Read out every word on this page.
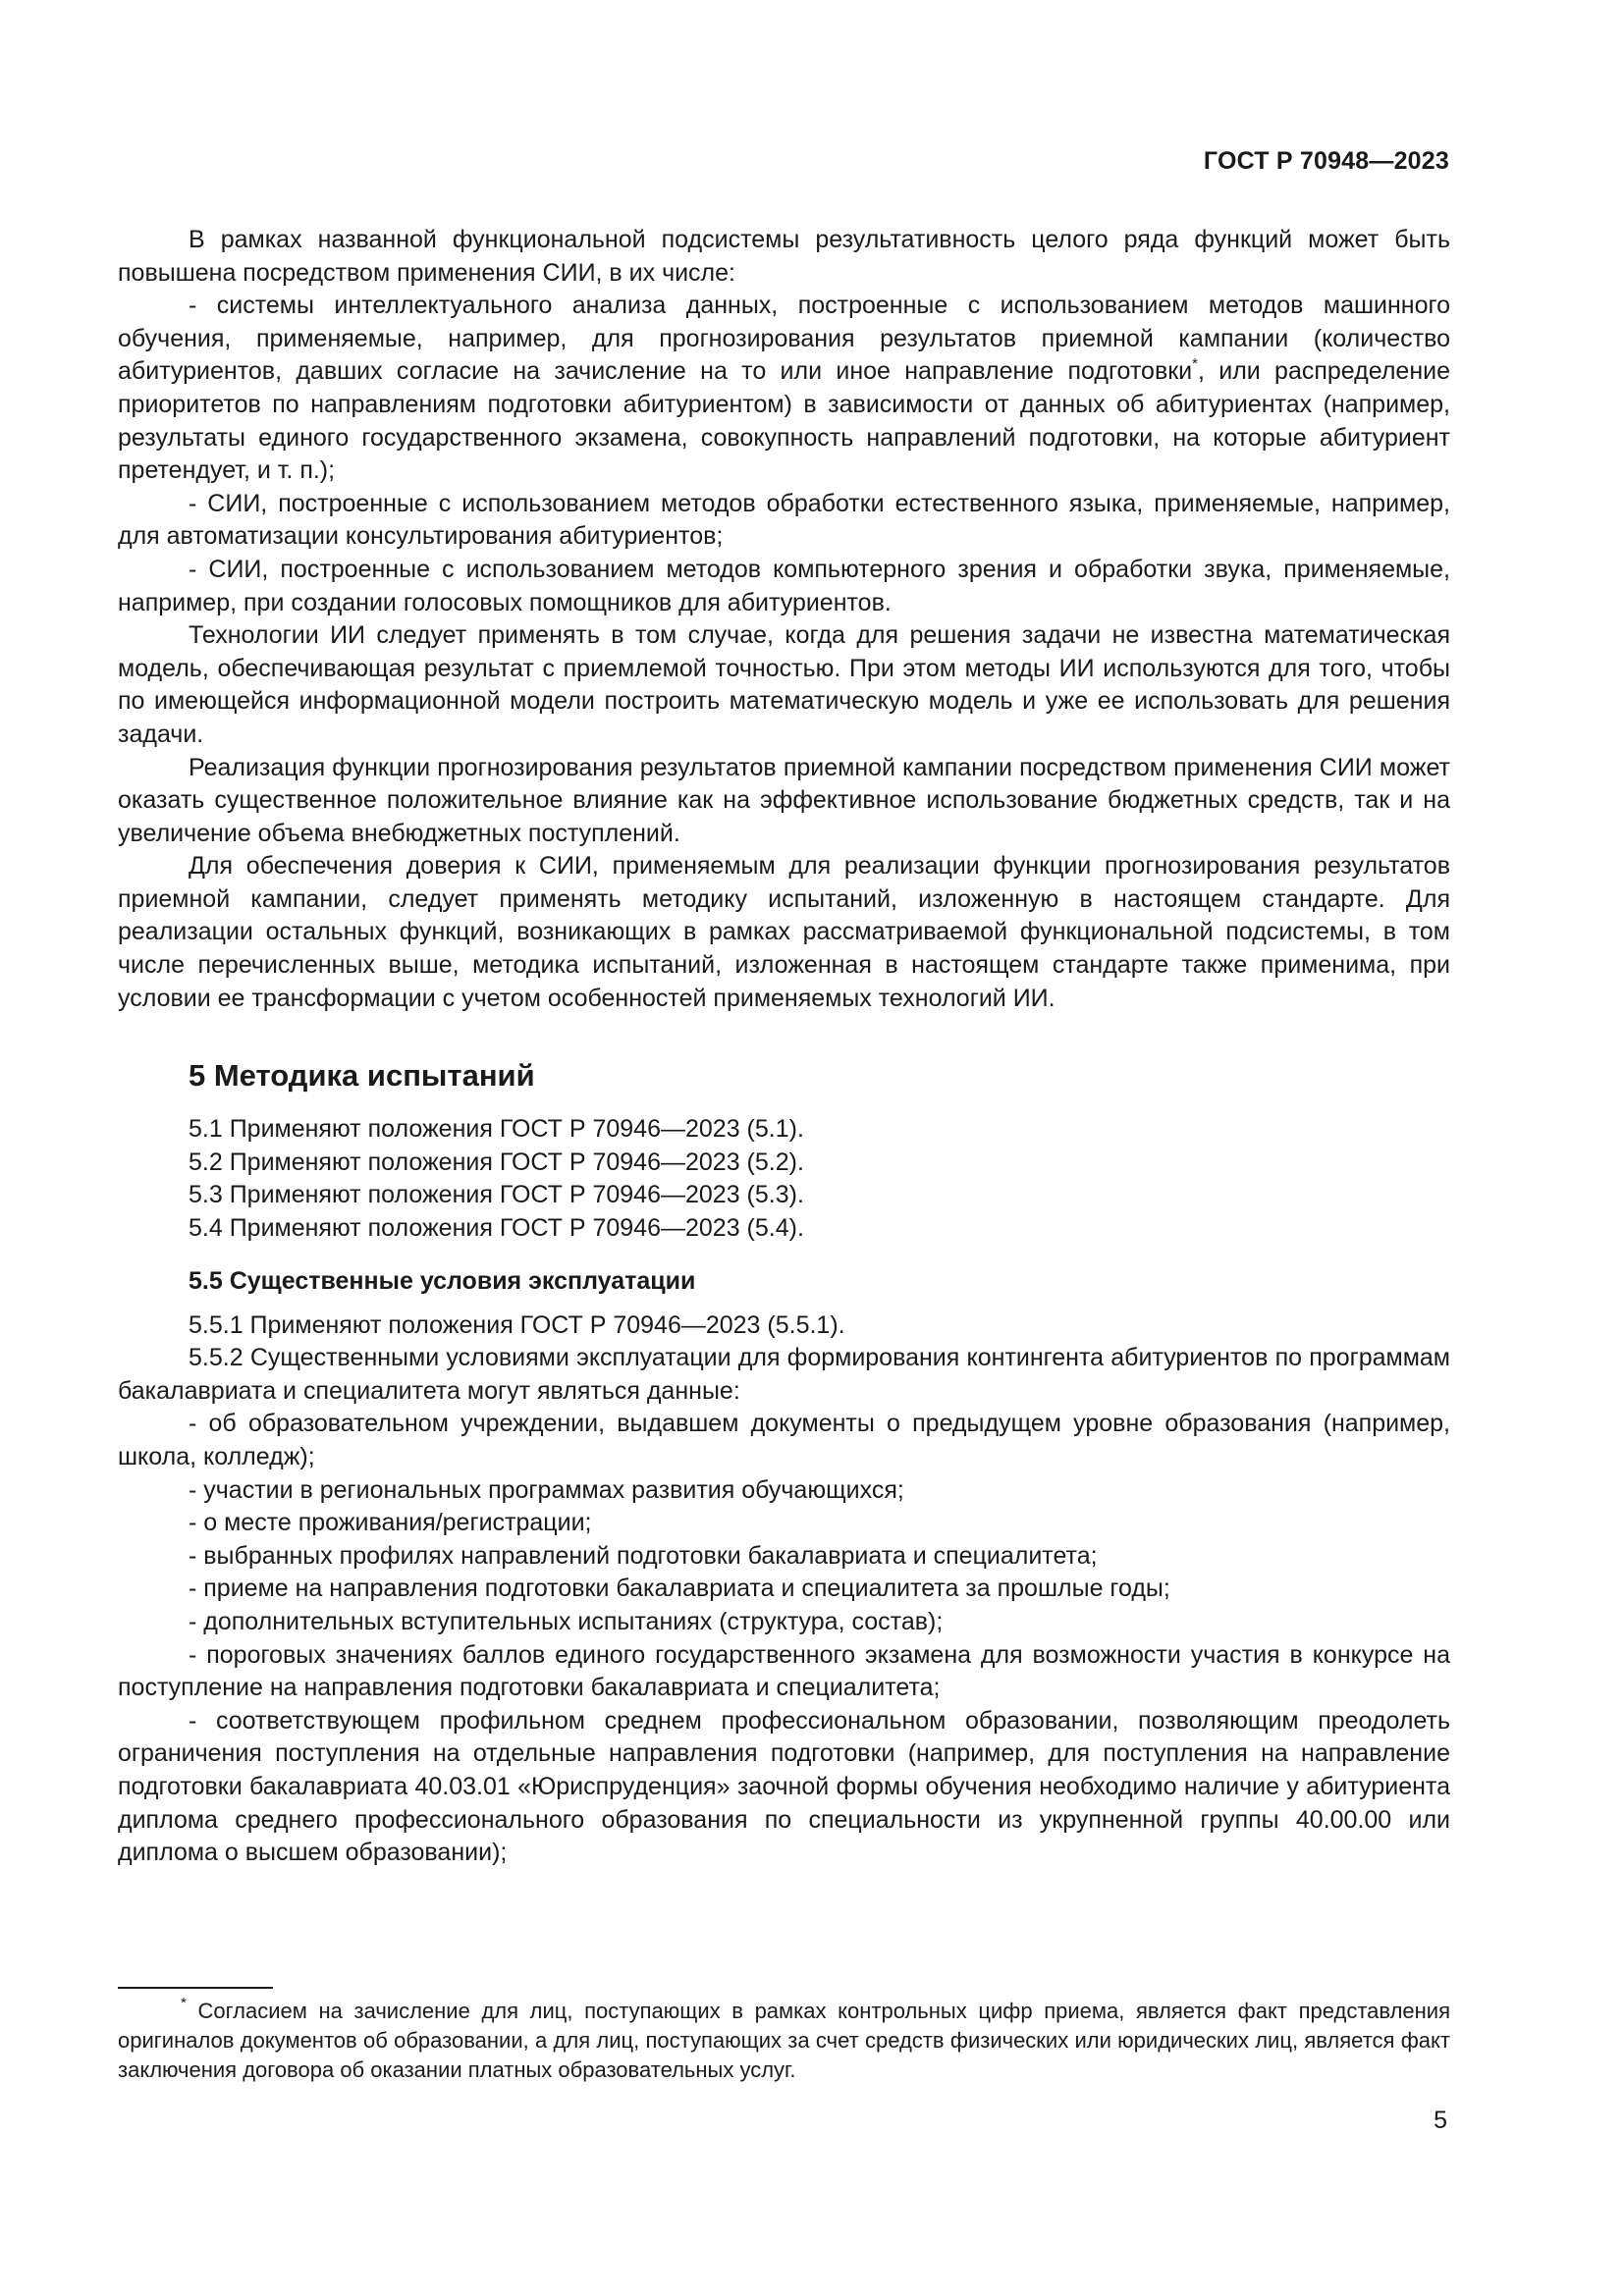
ГОСТ Р 70948—2023

В рамках названной функциональной подсистемы результативность целого ряда функций может быть повышена посредством применения СИИ, в их числе:

- системы интеллектуального анализа данных, построенные с использованием методов машинного обучения, применяемые, например, для прогнозирования результатов приемной кампании (количество абитуриентов, давших согласие на зачисление на то или иное направление подготовки*, или распределение приоритетов по направлениям подготовки абитуриентом) в зависимости от данных об абитуриентах (например, результаты единого государственного экзамена, совокупность направлений подготовки, на которые абитуриент претендует, и т. п.);

- СИИ, построенные с использованием методов обработки естественного языка, применяемые, например, для автоматизации консультирования абитуриентов;

- СИИ, построенные с использованием методов компьютерного зрения и обработки звука, применяемые, например, при создании голосовых помощников для абитуриентов.

Технологии ИИ следует применять в том случае, когда для решения задачи не известна математическая модель, обеспечивающая результат с приемлемой точностью. При этом методы ИИ используются для того, чтобы по имеющейся информационной модели построить математическую модель и уже ее использовать для решения задачи.

Реализация функции прогнозирования результатов приемной кампании посредством применения СИИ может оказать существенное положительное влияние как на эффективное использование бюджетных средств, так и на увеличение объема внебюджетных поступлений.

Для обеспечения доверия к СИИ, применяемым для реализации функции прогнозирования результатов приемной кампании, следует применять методику испытаний, изложенную в настоящем стандарте. Для реализации остальных функций, возникающих в рамках рассматриваемой функциональной подсистемы, в том числе перечисленных выше, методика испытаний, изложенная в настоящем стандарте также применима, при условии ее трансформации с учетом особенностей применяемых технологий ИИ.

5 Методика испытаний

5.1 Применяют положения ГОСТ Р 70946—2023 (5.1).

5.2 Применяют положения ГОСТ Р 70946—2023 (5.2).

5.3 Применяют положения ГОСТ Р 70946—2023 (5.3).

5.4 Применяют положения ГОСТ Р 70946—2023 (5.4).

5.5 Существенные условия эксплуатации

5.5.1 Применяют положения ГОСТ Р 70946—2023 (5.5.1).

5.5.2 Существенными условиями эксплуатации для формирования контингента абитуриентов по программам бакалавриата и специалитета могут являться данные:

- об образовательном учреждении, выдавшем документы о предыдущем уровне образования (например, школа, колледж);

- участии в региональных программах развития обучающихся;

- о месте проживания/регистрации;

- выбранных профилях направлений подготовки бакалавриата и специалитета;

- приеме на направления подготовки бакалавриата и специалитета за прошлые годы;

- дополнительных вступительных испытаниях (структура, состав);

- пороговых значениях баллов единого государственного экзамена для возможности участия в конкурсе на поступление на направления подготовки бакалавриата и специалитета;

- соответствующем профильном среднем профессиональном образовании, позволяющим преодолеть ограничения поступления на отдельные направления подготовки (например, для поступления на направление подготовки бакалавриата 40.03.01 «Юриспруденция» заочной формы обучения необходимо наличие у абитуриента диплома среднего профессионального образования по специальности из укрупненной группы 40.00.00 или диплома о высшем образовании);

* Согласием на зачисление для лиц, поступающих в рамках контрольных цифр приема, является факт представления оригиналов документов об образовании, а для лиц, поступающих за счет средств физических или юридических лиц, является факт заключения договора об оказании платных образовательных услуг.

5
